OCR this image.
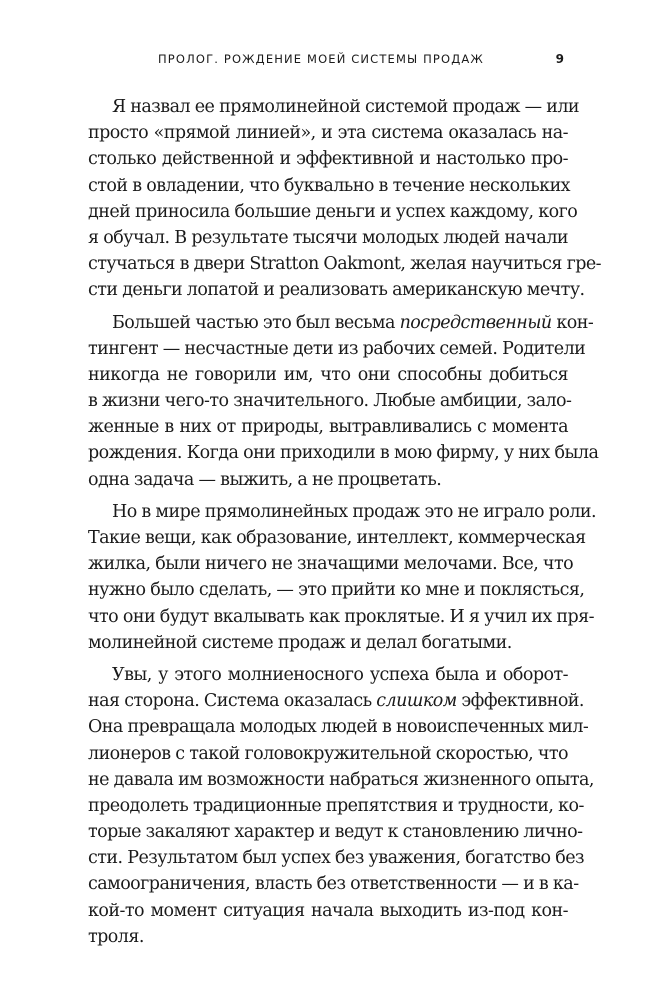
ПРОЛОГ. РОЖДЕНИЕ МОЕЙ СИСТЕМЫ ПРОДАЖ	9
Я назвал ее прямолинейной системой продаж — или
просто «прямой линией», и эта система оказалась на-
столько действенной и эффективной и настолько про-
стой в овладении, что буквально в течение нескольких
дней приносила большие деньги и успех каждому, кого
я обучал. В результате тысячи молодых людей начали
стучаться в двери Stratton Oakmont, желая научиться гре-
сти деньги лопатой и реализовать американскую мечту.
Большей частью это был весьма посредственный кон-
тингент — несчастные дети из рабочих семей. Родители
никогда не говорили им, что они способны добиться
в жизни чего-то значительного. Любые амбиции, зало-
женные в них от природы, вытравливались с момента
рождения. Когда они приходили в мою фирму, у них была
одна задача — выжить, а не процветать.
Но в мире прямолинейных продаж это не играло роли.
Такие вещи, как образование, интеллект, коммерческая
жилка, были ничего не значащими мелочами. Все, что
нужно было сделать, — это прийти ко мне и поклясться,
что они будут вкалывать как проклятые. И я учил их пря-
молинейной системе продаж и делал богатыми.
Увы, у этого молниеносного успеха была и оборот-
ная сторона. Система оказалась слишком эффективной.
Она превращала молодых людей в новоиспеченных мил-
лионеров с такой головокружительной скоростью, что
не давала им возможности набраться жизненного опыта,
преодолеть традиционные препятствия и трудности, ко-
торые закаляют характер и ведут к становлению лично-
сти. Результатом был успех без уважения, богатство без
самоограничения, власть без ответственности — и в ка-
кой-то момент ситуация начала выходить из-под кон-
троля.
